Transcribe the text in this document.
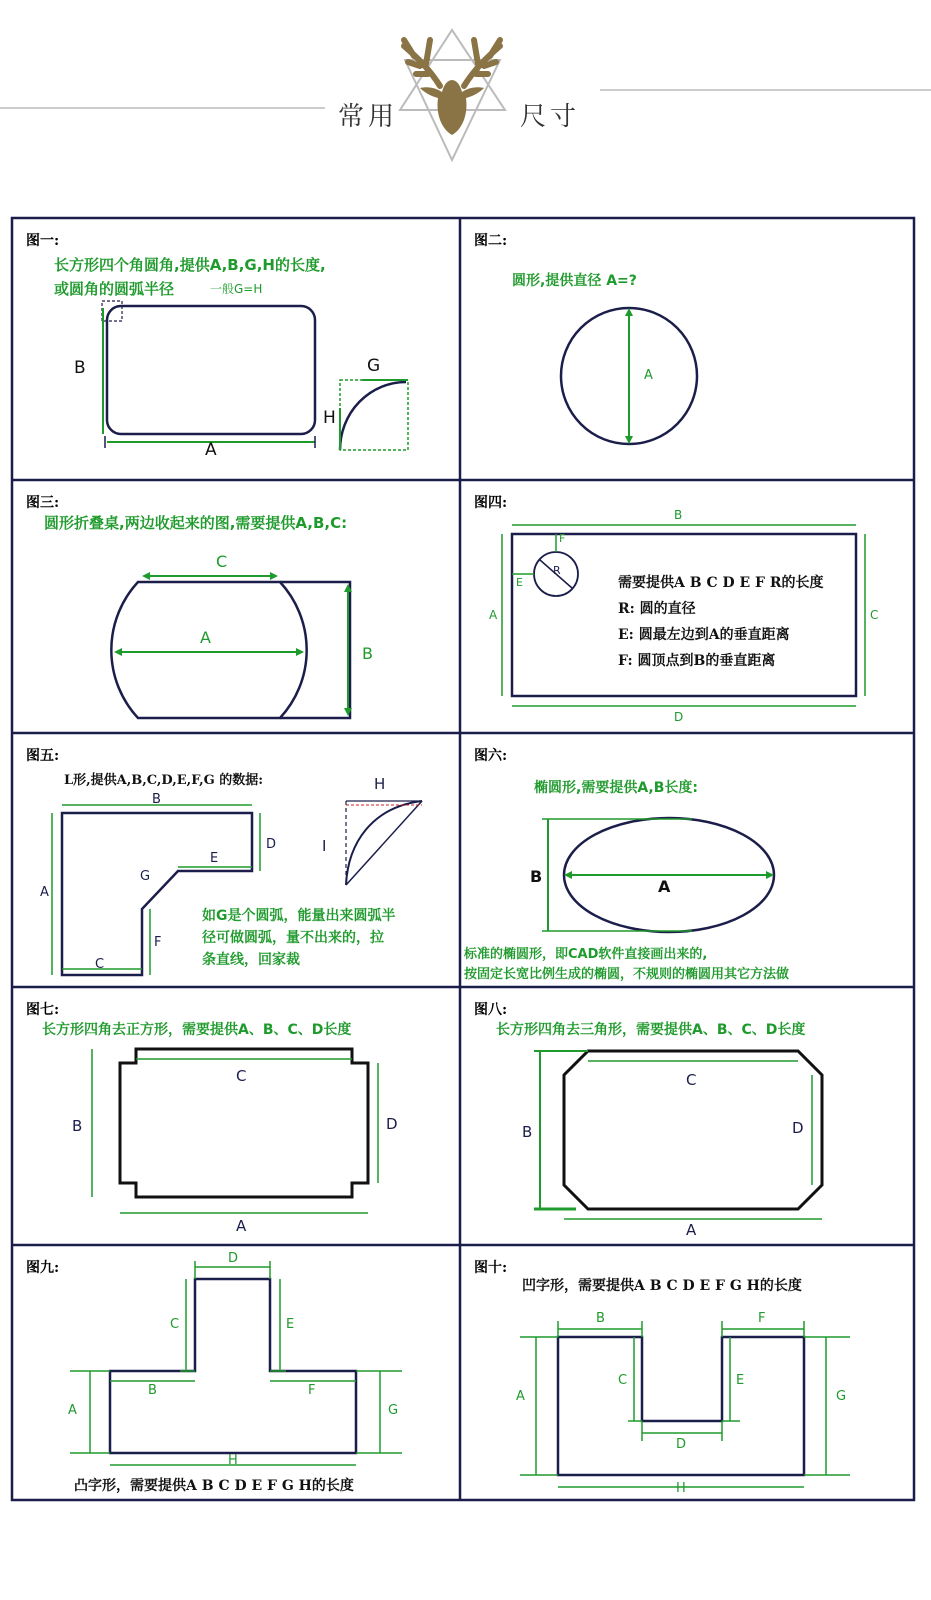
常用	尺寸
图一:
长方形四个角圆角,提供A,B,G,H的长度,
或圆角的圆弧半径	一般G=H
B
A
G
H
图二:
圆形,提供直径 A=?
A
图三:
圆形折叠桌,两边收起来的图,需要提供A,B,C:
C
A
B
图四:
B
D
A	C
F
E
R
需要提供A B C D E F R的长度
R: 圆的直径
E: 圆最左边到A的垂直距离
F: 圆顶点到B的垂直距离
图五:
L形,提供A,B,C,D,E,F,G 的数据:
B
A
D
E
G
F
C
H
I
如G是个圆弧，能量出来圆弧半
径可做圆弧，量不出来的，拉
条直线，回家裁
图六:
椭圆形,需要提供A,B长度:
B
A
标准的椭圆形，即CAD软件直接画出来的,
按固定长宽比例生成的椭圆，不规则的椭圆用其它方法做
图七:
长方形四角去正方形，需要提供A、B、C、D长度
C
D
B
A
图八:
长方形四角去三角形，需要提供A、B、C、D长度
C
D
B
A
图九:
D
C	E
B	F
A	G
H
凸字形，需要提供A B C D E F G H的长度
图十:
凹字形，需要提供A B C D E F G H的长度
B	F
C	E
D
A	G
H
